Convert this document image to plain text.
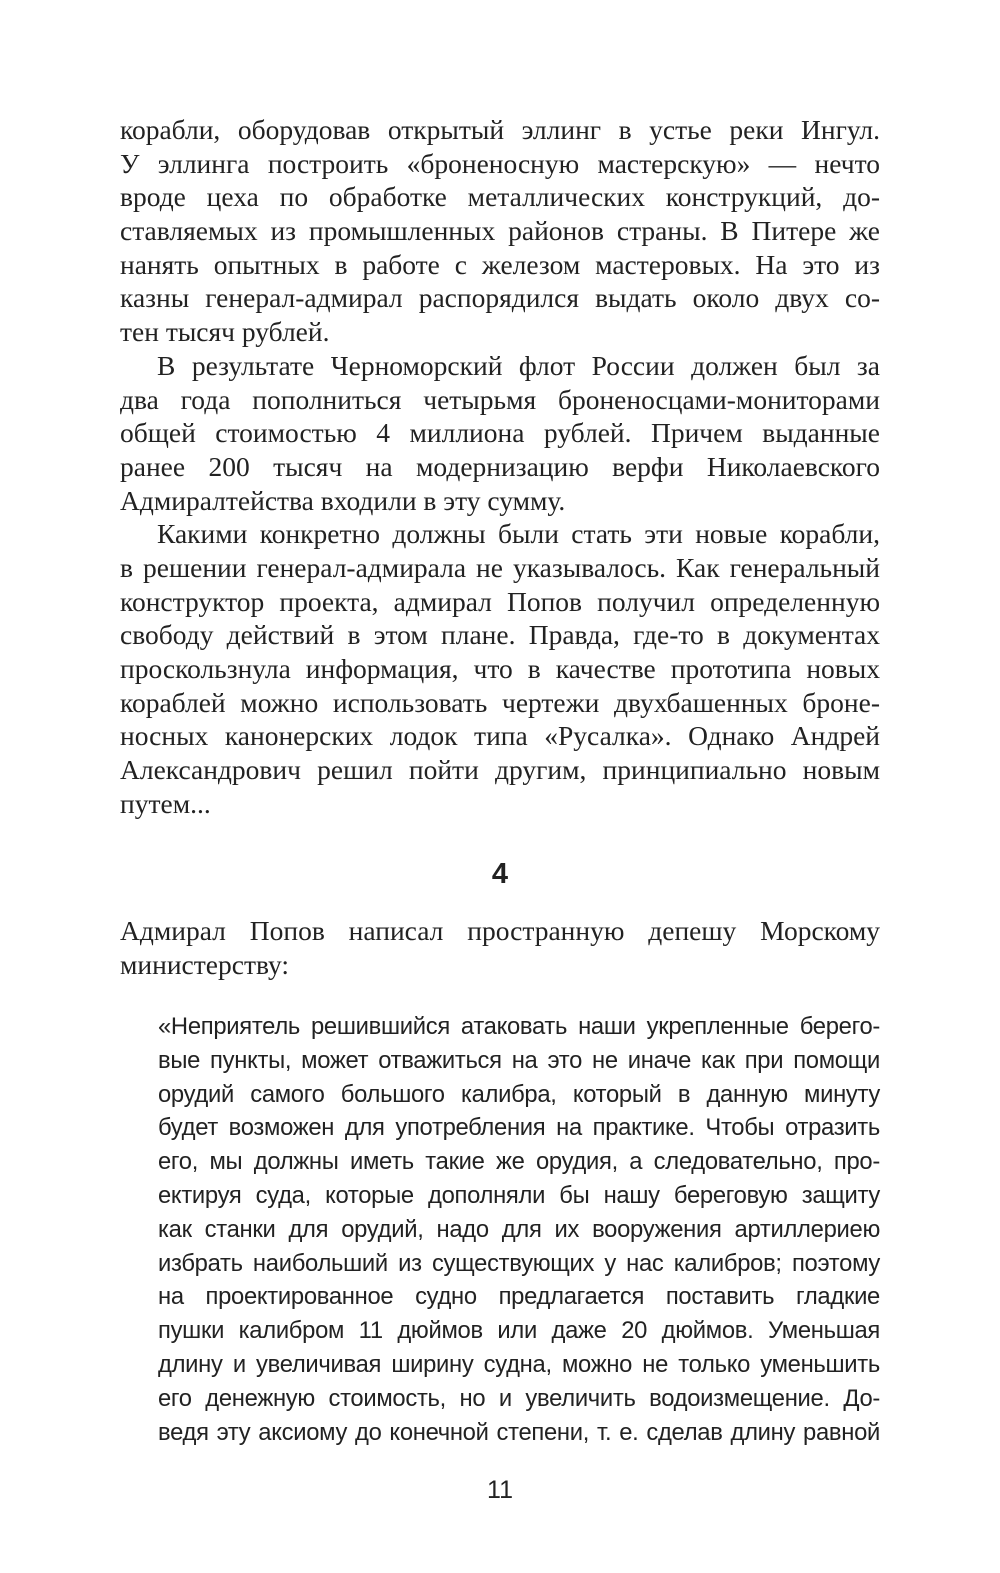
корабли, оборудовав открытый эллинг в устье реки Ингул.
У эллинга построить «броненосную мастерскую» — нечто
вроде цеха по обработке металлических конструкций, до-
ставляемых из промышленных районов страны. В Питере же
нанять опытных в работе с железом мастеровых. На это из
казны генерал-адмирал распорядился выдать около двух со-
тен тысяч рублей.
В результате Черноморский флот России должен был за
два года пополниться четырьмя броненосцами-мониторами
общей стоимостью 4 миллиона рублей. Причем выданные
ранее 200 тысяч на модернизацию верфи Николаевского
Адмиралтейства входили в эту сумму.
Какими конкретно должны были стать эти новые корабли,
в решении генерал-адмирала не указывалось. Как генеральный
конструктор проекта, адмирал Попов получил определенную
свободу действий в этом плане. Правда, где-то в документах
проскользнула информация, что в качестве прототипа новых
кораблей можно использовать чертежи двухбашенных броне-
носных канонерских лодок типа «Русалка». Однако Андрей
Александрович решил пойти другим, принципиально новым
путем...
4
Адмирал Попов написал пространную депешу Морскому
министерству:
«Неприятель решившийся атаковать наши укрепленные берего-
вые пункты, может отважиться на это не иначе как при помощи
орудий самого большого калибра, который в данную минуту
будет возможен для употребления на практике. Чтобы отразить
его, мы должны иметь такие же орудия, а следовательно, про-
ектируя суда, которые дополняли бы нашу береговую защиту
как станки для орудий, надо для их вооружения артиллериею
избрать наибольший из существующих у нас калибров; поэтому
на проектированное судно предлагается поставить гладкие
пушки калибром 11 дюймов или даже 20 дюймов. Уменьшая
длину и увеличивая ширину судна, можно не только уменьшить
его денежную стоимость, но и увеличить водоизмещение. До-
ведя эту аксиому до конечной степени, т. е. сделав длину равной
11
